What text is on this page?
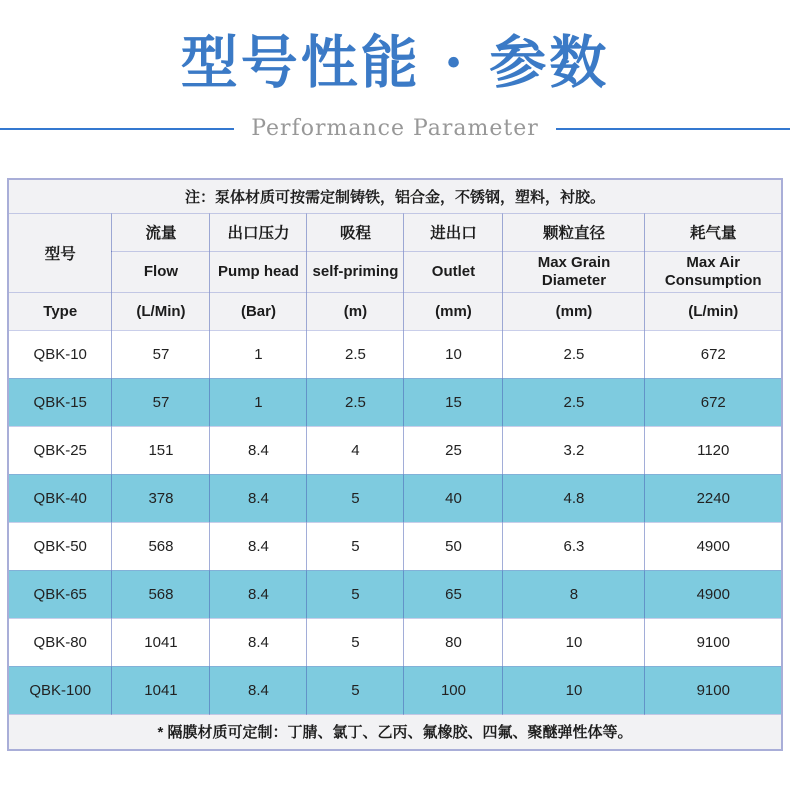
型号性能 · 参数
Performance Parameter
注：泵体材质可按需定制铸铁，铝合金，不锈钢，塑料，衬胶。						
型号	流量	出口压力	吸程	进出口	颗粒直径	耗气量
	Flow	Pump head	self-priming	Outlet	Max Grain Diameter	Max Air Consumption
Type	(L/Min)	(Bar)	(m)	(mm)	(mm)	(L/min)
QBK-10	57	1	2.5	10	2.5	672
QBK-15	57	1	2.5	15	2.5	672
QBK-25	151	8.4	4	25	3.2	1120
QBK-40	378	8.4	5	40	4.8	2240
QBK-50	568	8.4	5	50	6.3	4900
QBK-65	568	8.4	5	65	8	4900
QBK-80	1041	8.4	5	80	10	9100
QBK-100	1041	8.4	5	100	10	9100
* 隔膜材质可定制：丁腈、氯丁、乙丙、氟橡胶、四氟、聚醚弹性体等。						
